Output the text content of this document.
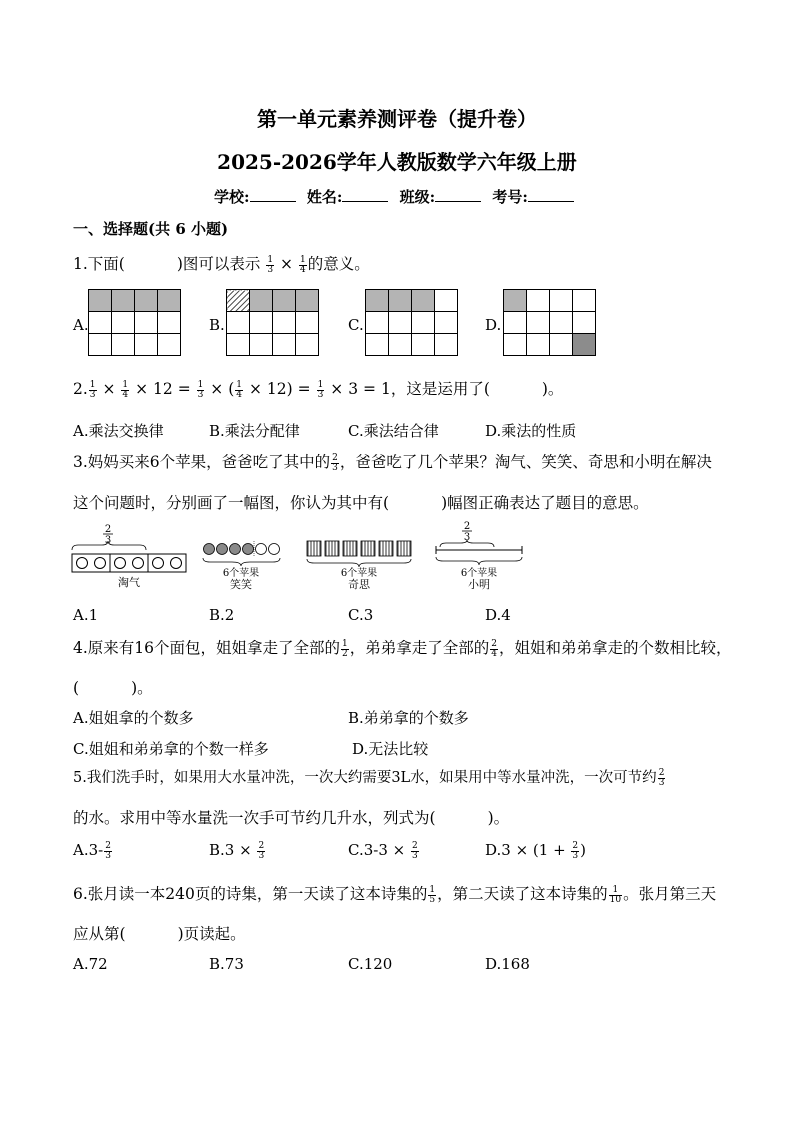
第一单元素养测评卷（提升卷）
2025-2026学年人教版数学六年级上册
学校:	姓名:	班级:	考号:
一、选择题(共 6 小题)
1.下面(	)图可以表示 $\frac{1}{3} \times \frac{1}{4}$ 的意义。
A.

				B.

				C.

				D.

2. $\frac{1}{3} \times \frac{1}{4} \times 12 = \frac{1}{3}$ × ( $\frac{1}{4} \times 12) = \frac{1}{3} \times 3 = 1$，这是运用了(	)。
A.乘法交换律	B.乘法分配律	C.乘法结合律	D.乘法的性质
3.妈妈买来6个苹果，爸爸吃了其中的 $\frac{2}{3}$ ，爸爸吃了几个苹果？淘气、笑笑、奇思和小明在解决
这个问题时，分别画了一幅图，你认为其中有(	)幅图正确表达了题目的意思。
2
3
淘气
6个苹果
笑笑
6个苹果
奇思
2
3
6个苹果
小明
A.1	B.2	C.3	D.4
4.原来有16个面包，姐姐拿走了全部的 $\frac{1}{2}$ ，弟弟拿走了全部的 $\frac{2}{4}$ ，姐姐和弟弟拿走的个数相比较，
(	)。
A.姐姐拿的个数多	B.弟弟拿的个数多
C.姐姐和弟弟拿的个数一样多	D.无法比较
5.我们洗手时，如果用大水量冲洗，一次大约需要3L水，如果用中等水量冲洗，一次可节约 $\frac{2}{3}$
的水。求用中等水量洗一次手可节约几升水，列式为(	)。
$A.3- \frac{2}{3}$	$B.3 \times \frac{2}{3}$	$C.3-3 \times \frac{2}{3}$	$D.3 \times (1 + \frac{2}{3}$ )
6.张月读一本240页的诗集，第一天读了这本诗集的 $\frac{1}{5}$ ，第二天读了这本诗集的 $\frac{1}{10}$ 。张月第三天
应从第(	)页读起。
A.72	B.73	C.120	D.168
